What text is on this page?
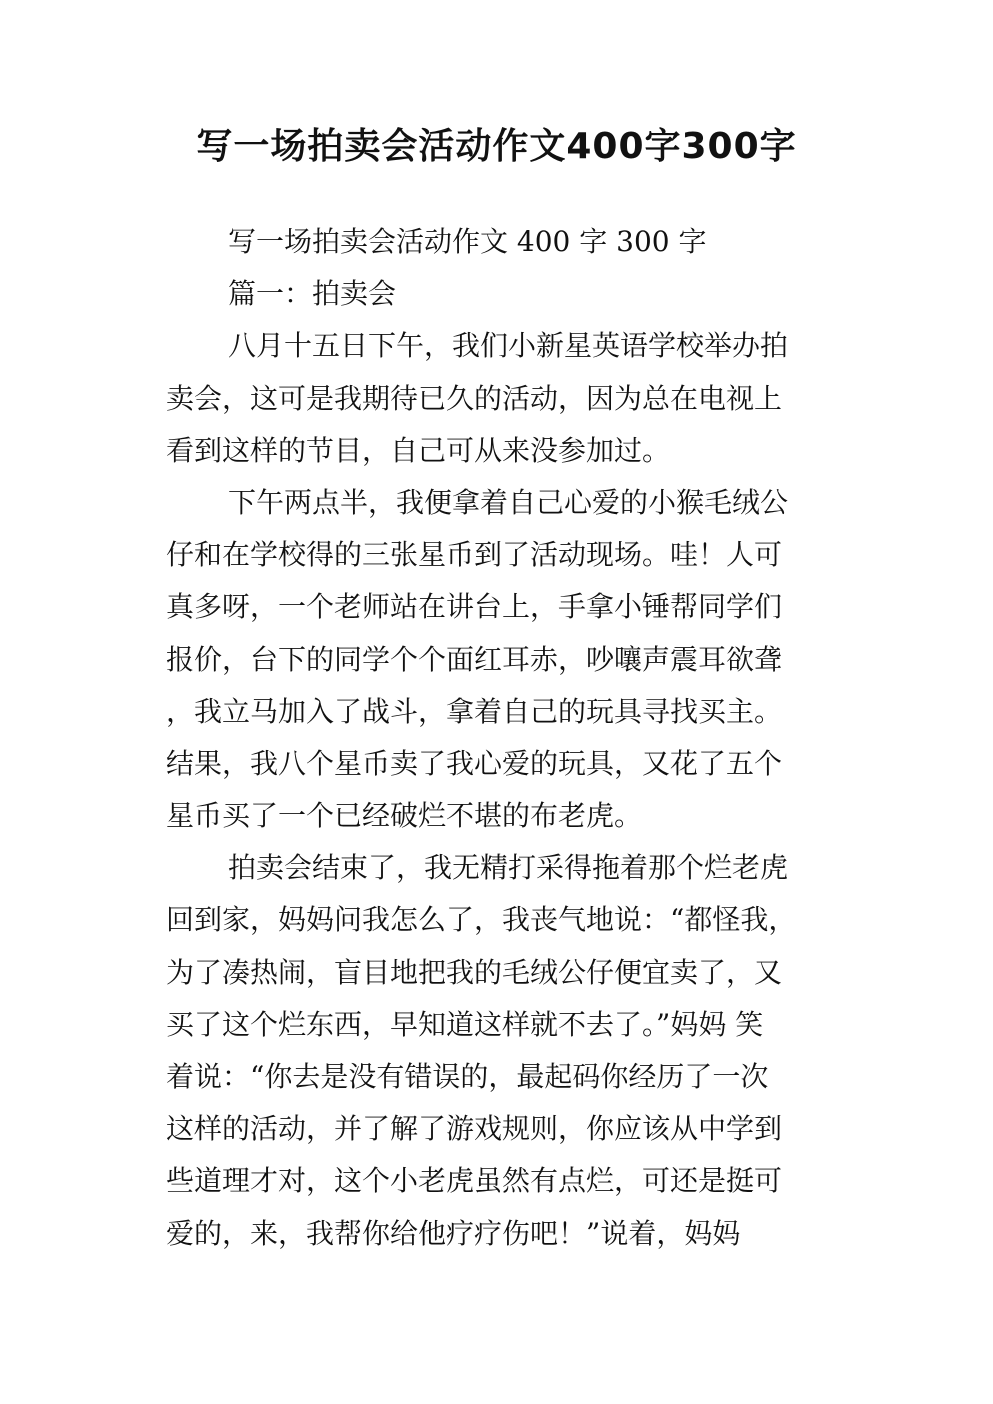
写一场拍卖会活动作文400字300字

写一场拍卖会活动作文 400 字 300 字

篇一：拍卖会

八月十五日下午，我们小新星英语学校举办拍
卖会，这可是我期待已久的活动，因为总在电视上
看到这样的节目，自己可从来没参加过。

下午两点半，我便拿着自己心爱的小猴毛绒公
仔和在学校得的三张星币到了活动现场。哇！人可
真多呀，一个老师站在讲台上，手拿小锤帮同学们
报价，台下的同学个个面红耳赤，吵嚷声震耳欲聋
，我立马加入了战斗，拿着自己的玩具寻找买主。
结果，我八个星币卖了我心爱的玩具，又花了五个
星币买了一个已经破烂不堪的布老虎。

拍卖会结束了，我无精打采得拖着那个烂老虎
回到家，妈妈问我怎么了，我丧气地说：“都怪我，
为了凑热闹，盲目地把我的毛绒公仔便宜卖了，又
买了这个烂东西，早知道这样就不去了。”妈妈 笑
着说：“你去是没有错误的，最起码你经历了一次
这样的活动，并了解了游戏规则，你应该从中学到
些道理才对，这个小老虎虽然有点烂，可还是挺可
爱的，来，我帮你给他疗疗伤吧！”说着，妈妈
